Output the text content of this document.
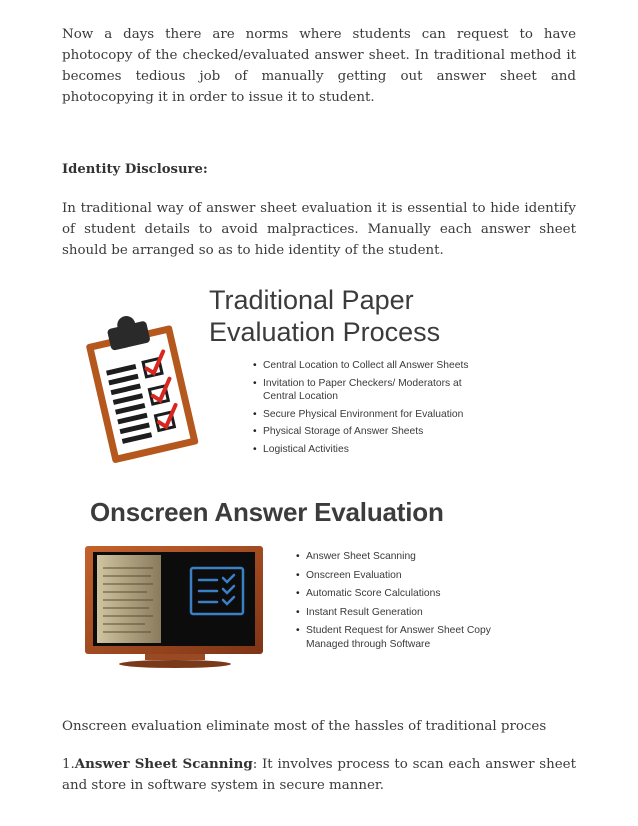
Now a days there are norms where students can request to have photocopy of the checked/evaluated answer sheet. In traditional method it becomes tedious job of manually getting out answer sheet and photocopying it in order to issue it to student.

Identity Disclosure:

In traditional way of answer sheet evaluation it is essential to hide identify of student details to avoid malpractices. Manually each answer sheet should be arranged so as to hide identity of the student.

Traditional Paper
Evaluation Process
• Central Location to Collect all Answer Sheets
• Invitation to Paper Checkers/ Moderators at Central Location
• Secure Physical Environment for Evaluation
• Physical Storage of Answer Sheets
• Logistical Activities
Onscreen Answer Evaluation
• Answer Sheet Scanning
• Onscreen Evaluation
• Automatic Score Calculations
• Instant Result Generation
• Student Request for Answer Sheet Copy Managed through Software

Onscreen evaluation eliminate most of the hassles of traditional proces

1.Answer Sheet Scanning: It involves process to scan each answer sheet and store in software system in secure manner.
